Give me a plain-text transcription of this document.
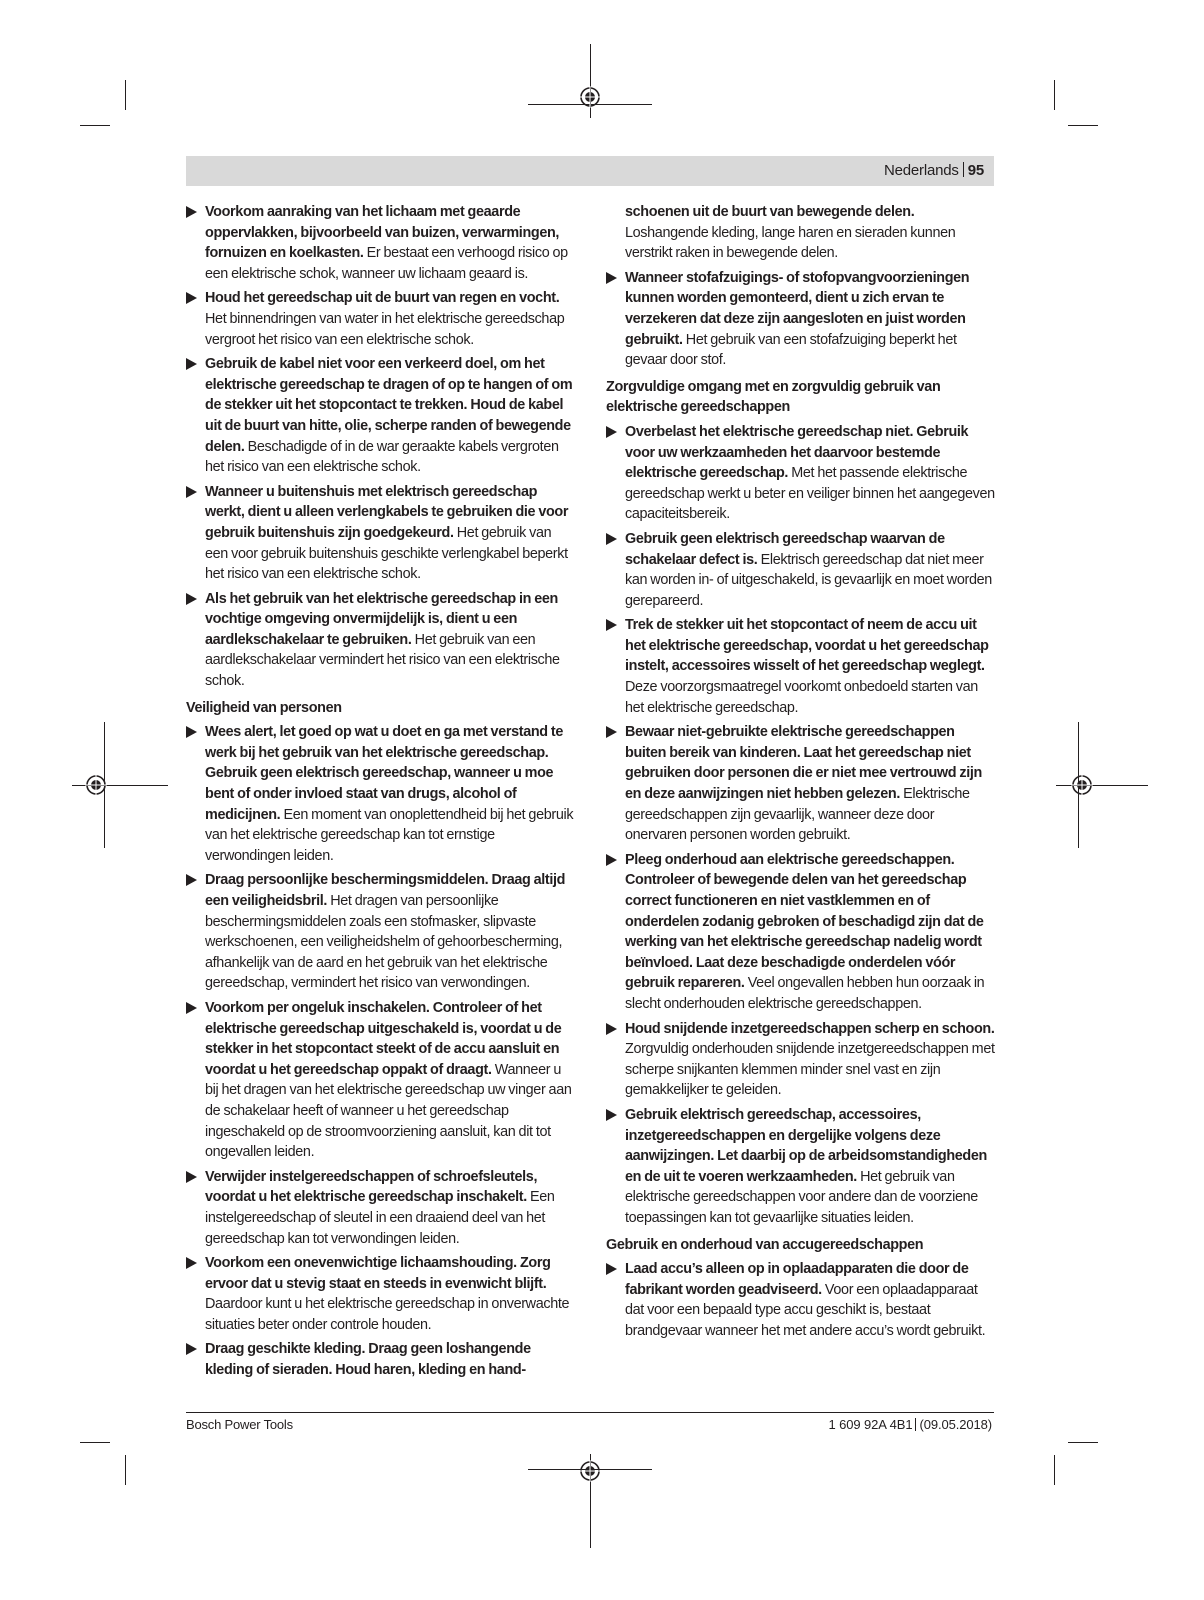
Nederlands 95
Voorkom aanraking van het lichaam met geaarde oppervlakken, bijvoorbeeld van buizen, verwarmingen, fornuizen en koelkasten. Er bestaat een verhoogd risico op een elektrische schok, wanneer uw lichaam geaard is.
Houd het gereedschap uit de buurt van regen en vocht. Het binnendringen van water in het elektrische gereedschap vergroot het risico van een elektrische schok.
Gebruik de kabel niet voor een verkeerd doel, om het elektrische gereedschap te dragen of op te hangen of om de stekker uit het stopcontact te trekken. Houd de kabel uit de buurt van hitte, olie, scherpe randen of bewegende delen. Beschadigde of in de war geraakte kabels vergroten het risico van een elektrische schok.
Wanneer u buitenshuis met elektrisch gereedschap werkt, dient u alleen verlengkabels te gebruiken die voor gebruik buitenshuis zijn goedgekeurd. Het gebruik van een voor gebruik buitenshuis geschikte verlengkabel beperkt het risico van een elektrische schok.
Als het gebruik van het elektrische gereedschap in een vochtige omgeving onvermijdelijk is, dient u een aardlekschakelaar te gebruiken. Het gebruik van een aardlekschakelaar vermindert het risico van een elektrische schok.
Veiligheid van personen
Wees alert, let goed op wat u doet en ga met verstand te werk bij het gebruik van het elektrische gereedschap. Gebruik geen elektrisch gereedschap, wanneer u moe bent of onder invloed staat van drugs, alcohol of medicijnen. Een moment van onoplettendheid bij het gebruik van het elektrische gereedschap kan tot ernstige verwondingen leiden.
Draag persoonlijke beschermingsmiddelen. Draag altijd een veiligheidsbril. Het dragen van persoonlijke beschermingsmiddelen zoals een stofmasker, slipvaste werkschoenen, een veiligheidshelm of gehoorbescherming, afhankelijk van de aard en het gebruik van het elektrische gereedschap, vermindert het risico van verwondingen.
Voorkom per ongeluk inschakelen. Controleer of het elektrische gereedschap uitgeschakeld is, voordat u de stekker in het stopcontact steekt of de accu aansluit en voordat u het gereedschap oppakt of draagt. Wanneer u bij het dragen van het elektrische gereedschap uw vinger aan de schakelaar heeft of wanneer u het gereedschap ingeschakeld op de stroomvoorziening aansluit, kan dit tot ongevallen leiden.
Verwijder instelgereedschappen of schroefsleutels, voordat u het elektrische gereedschap inschakelt. Een instelgereedschap of sleutel in een draaiend deel van het gereedschap kan tot verwondingen leiden.
Voorkom een onevenwichtige lichaamshouding. Zorg ervoor dat u stevig staat en steeds in evenwicht blijft. Daardoor kunt u het elektrische gereedschap in onverwachte situaties beter onder controle houden.
Draag geschikte kleding. Draag geen loshangende kleding of sieraden. Houd haren, kleding en hand-
schoenen uit de buurt van bewegende delen. Loshangende kleding, lange haren en sieraden kunnen verstrikt raken in bewegende delen.
Wanneer stofafzuigings- of stofopvangvoorzieningen kunnen worden gemonteerd, dient u zich ervan te verzekeren dat deze zijn aangesloten en juist worden gebruikt. Het gebruik van een stofafzuiging beperkt het gevaar door stof.
Zorgvuldige omgang met en zorgvuldig gebruik van elektrische gereedschappen
Overbelast het elektrische gereedschap niet. Gebruik voor uw werkzaamheden het daarvoor bestemde elektrische gereedschap. Met het passende elektrische gereedschap werkt u beter en veiliger binnen het aangegeven capaciteitsbereik.
Gebruik geen elektrisch gereedschap waarvan de schakelaar defect is. Elektrisch gereedschap dat niet meer kan worden in- of uitgeschakeld, is gevaarlijk en moet worden gerepareerd.
Trek de stekker uit het stopcontact of neem de accu uit het elektrische gereedschap, voordat u het gereedschap instelt, accessoires wisselt of het gereedschap weglegt. Deze voorzorgsmaatregel voorkomt onbedoeld starten van het elektrische gereedschap.
Bewaar niet-gebruikte elektrische gereedschappen buiten bereik van kinderen. Laat het gereedschap niet gebruiken door personen die er niet mee vertrouwd zijn en deze aanwijzingen niet hebben gelezen. Elektrische gereedschappen zijn gevaarlijk, wanneer deze door onervaren personen worden gebruikt.
Pleeg onderhoud aan elektrische gereedschappen. Controleer of bewegende delen van het gereedschap correct functioneren en niet vastklemmen en of onderdelen zodanig gebroken of beschadigd zijn dat de werking van het elektrische gereedschap nadelig wordt beïnvloed. Laat deze beschadigde onderdelen vóór gebruik repareren. Veel ongevallen hebben hun oorzaak in slecht onderhouden elektrische gereedschappen.
Houd snijdende inzetgereedschappen scherp en schoon. Zorgvuldig onderhouden snijdende inzetgereedschappen met scherpe snijkanten klemmen minder snel vast en zijn gemakkelijker te geleiden.
Gebruik elektrisch gereedschap, accessoires, inzetgereedschappen en dergelijke volgens deze aanwijzingen. Let daarbij op de arbeidsomstandigheden en de uit te voeren werkzaamheden. Het gebruik van elektrische gereedschappen voor andere dan de voorziene toepassingen kan tot gevaarlijke situaties leiden.
Gebruik en onderhoud van accugereedschappen
Laad accu’s alleen op in oplaadapparaten die door de fabrikant worden geadviseerd. Voor een oplaadapparaat dat voor een bepaald type accu geschikt is, bestaat brandgevaar wanneer het met andere accu’s wordt gebruikt.
Bosch Power Tools	1 609 92A 4B1 (09.05.2018)
